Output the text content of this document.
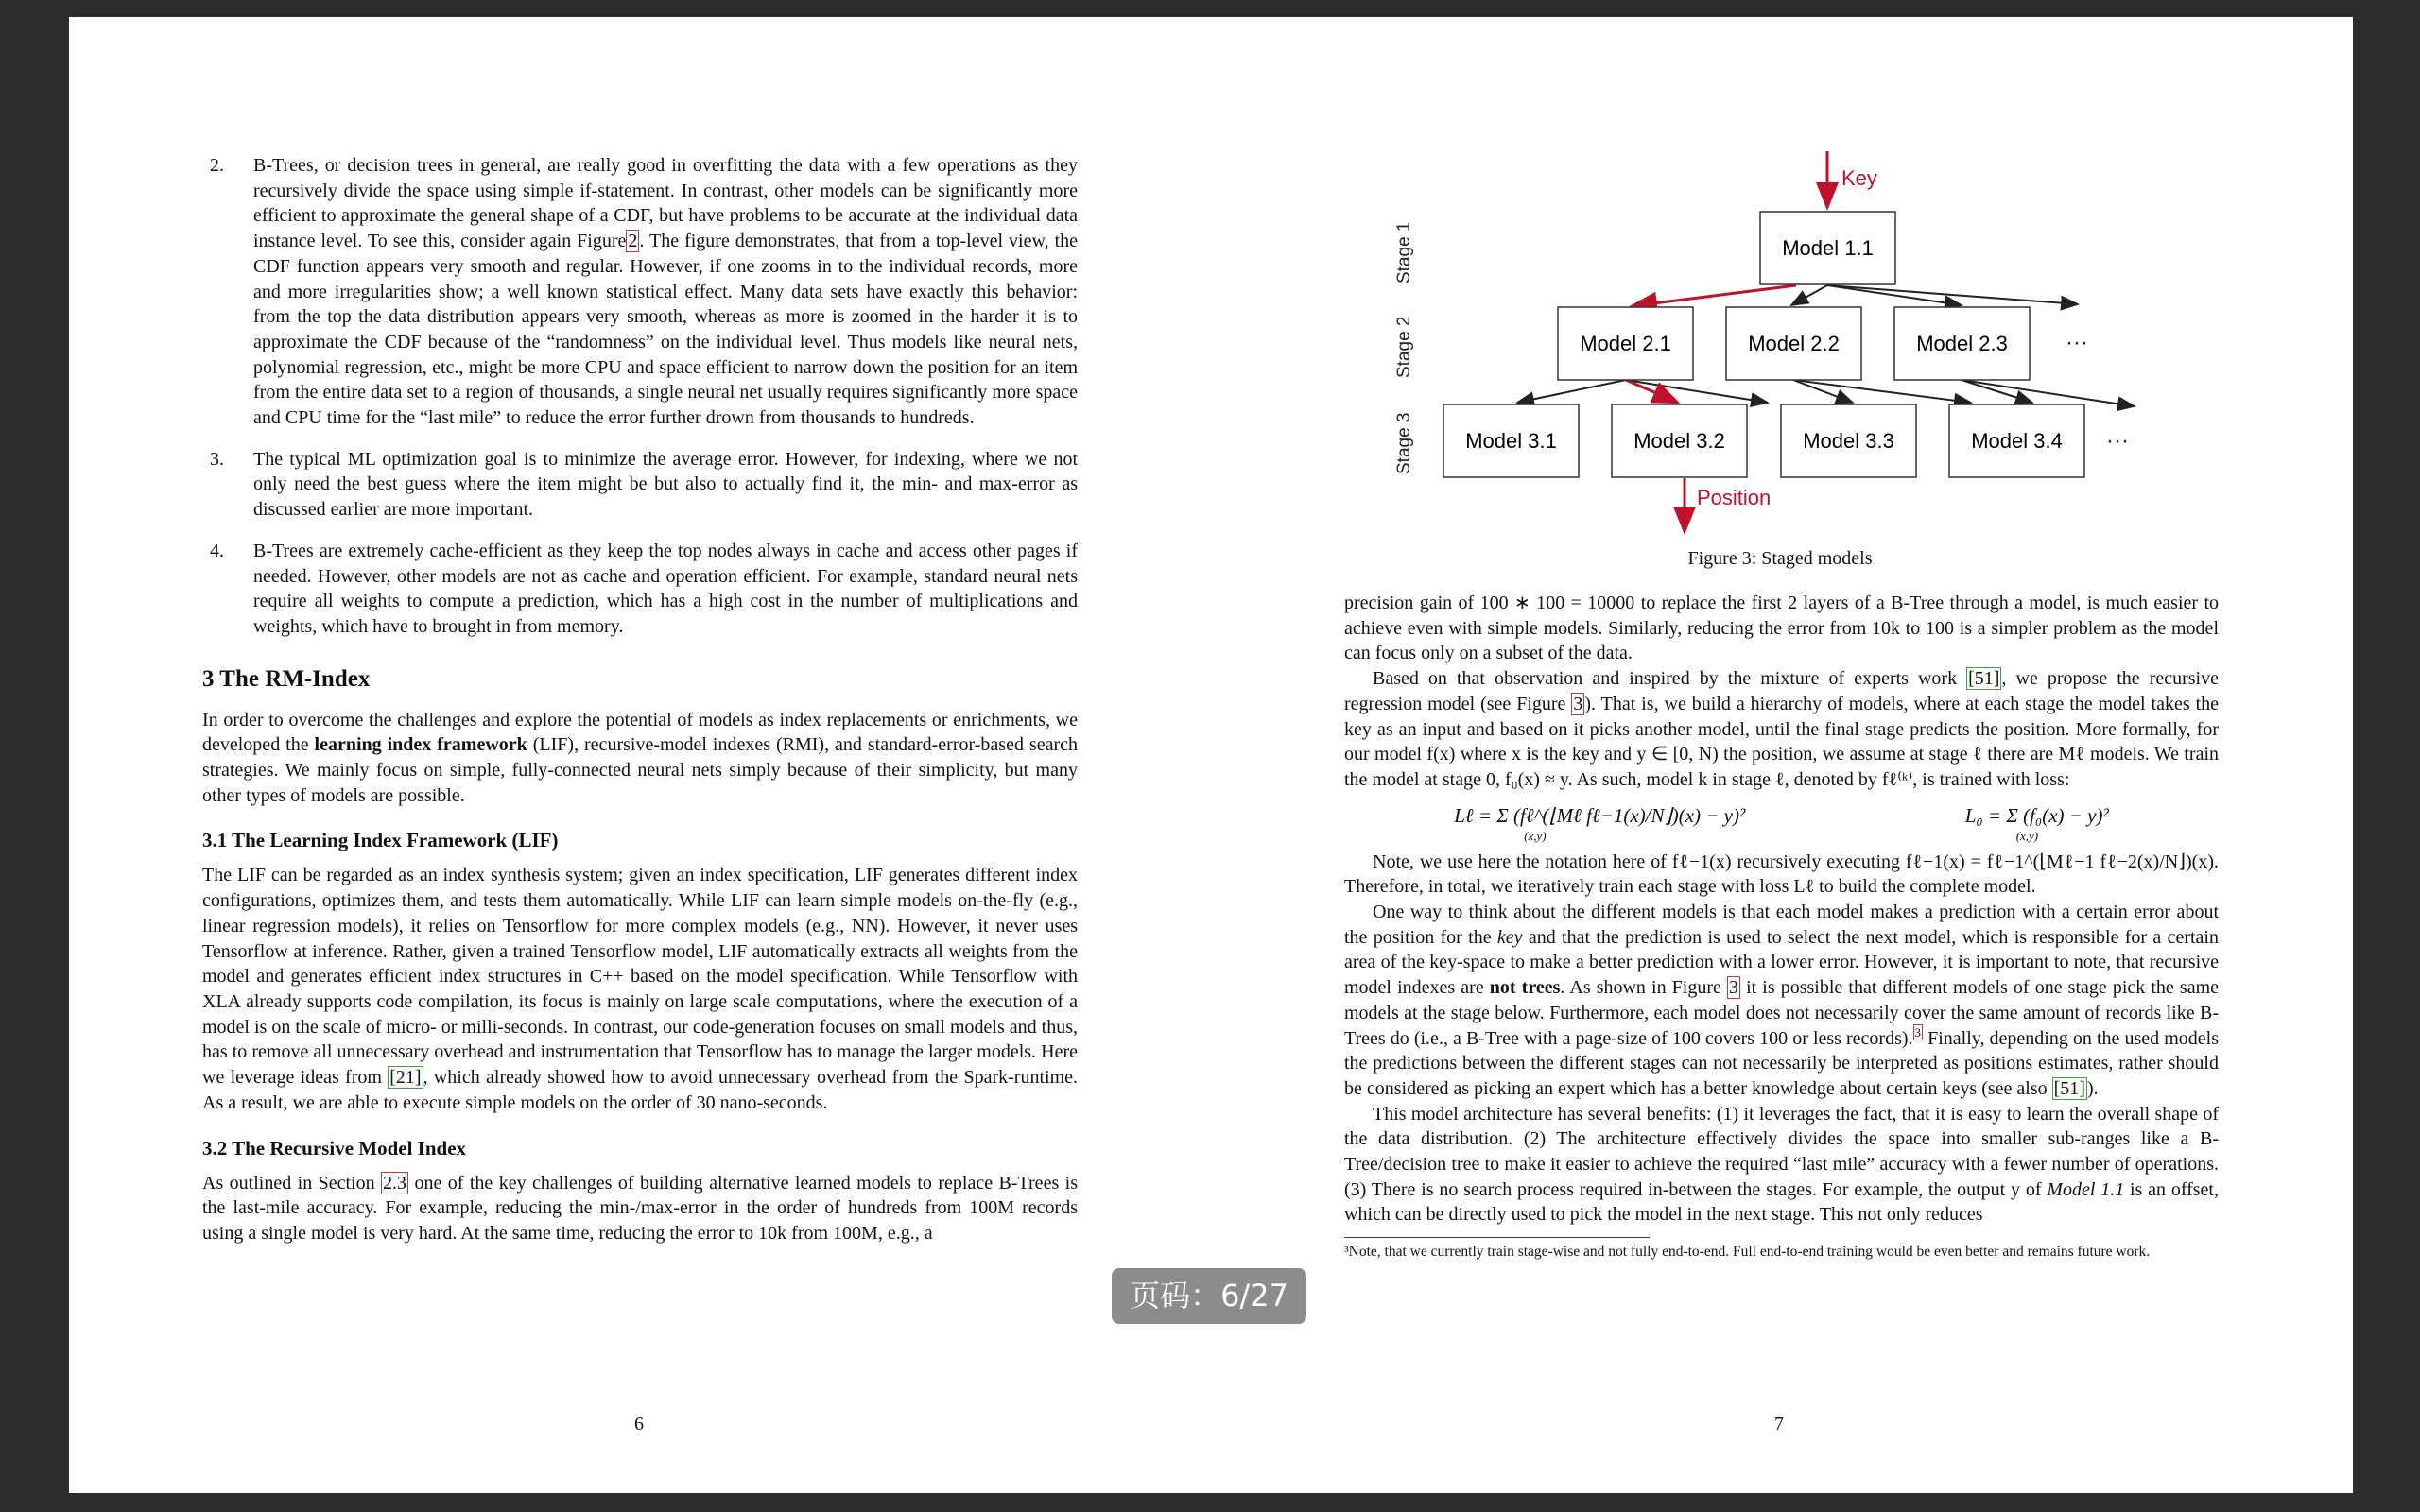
2. B-Trees, or decision trees in general, are really good in overfitting the data with a few operations as they recursively divide the space using simple if-statement. In contrast, other models can be significantly more efficient to approximate the general shape of a CDF, but have problems to be accurate at the individual data instance level. To see this, consider again Figure 2 . The figure demonstrates, that from a top-level view, the CDF function appears very smooth and regular. However, if one zooms in to the individual records, more and more irregularities show; a well known statistical effect. Many data sets have exactly this behavior: from the top the data distribution appears very smooth, whereas as more is zoomed in the harder it is to approximate the CDF because of the “randomness” on the individual level. Thus models like neural nets, polynomial regression, etc., might be more CPU and space efficient to narrow down the position for an item from the entire data set to a region of thousands, a single neural net usually requires significantly more space and CPU time for the “last mile” to reduce the error further drown from thousands to hundreds.
3. The typical ML optimization goal is to minimize the average error. However, for indexing, where we not only need the best guess where the item might be but also to actually find it, the min- and max-error as discussed earlier are more important.
4. B-Trees are extremely cache-efficient as they keep the top nodes always in cache and access other pages if needed. However, other models are not as cache and operation efficient. For example, standard neural nets require all weights to compute a prediction, which has a high cost in the number of multiplications and weights, which have to brought in from memory.
3 The RM-Index
In order to overcome the challenges and explore the potential of models as index replacements or enrichments, we developed the learning index framework (LIF), recursive-model indexes (RMI), and standard-error-based search strategies. We mainly focus on simple, fully-connected neural nets simply because of their simplicity, but many other types of models are possible.
3.1 The Learning Index Framework (LIF)
The LIF can be regarded as an index synthesis system; given an index specification, LIF generates different index configurations, optimizes them, and tests them automatically. While LIF can learn simple models on-the-fly (e.g., linear regression models), it relies on Tensorflow for more complex models (e.g., NN). However, it never uses Tensorflow at inference. Rather, given a trained Tensorflow model, LIF automatically extracts all weights from the model and generates efficient index structures in C++ based on the model specification. While Tensorflow with XLA already supports code compilation, its focus is mainly on large scale computations, where the execution of a model is on the scale of micro- or milli-seconds. In contrast, our code-generation focuses on small models and thus, has to remove all unnecessary overhead and instrumentation that Tensorflow has to manage the larger models. Here we leverage ideas from [21] , which already showed how to avoid unnecessary overhead from the Spark-runtime. As a result, we are able to execute simple models on the order of 30 nano-seconds.
3.2 The Recursive Model Index
As outlined in Section 2.3 one of the key challenges of building alternative learned models to replace B-Trees is the last-mile accuracy. For example, reducing the min-/max-error in the order of hundreds from 100M records using a single model is very hard. At the same time, reducing the error to 10k from 100M, e.g., a
6
Key
Position
Stage 1
Stage 2
Stage 3
Model 1.1
Model 2.1	Model 2.2	Model 2.3
Model 3.1	Model 3.2	Model 3.3	Model 3.4
···
···
Figure 3: Staged models
precision gain of 100 ∗ 100 = 10000 to replace the first 2 layers of a B-Tree through a model, is much easier to achieve even with simple models. Similarly, reducing the error from 10k to 100 is a simpler problem as the model can focus only on a subset of the data.
Based on that observation and inspired by the mixture of experts work [51] , we propose the recursive regression model (see Figure 3 ). That is, we build a hierarchy of models, where at each stage the model takes the key as an input and based on it picks another model, until the final stage predicts the position. More formally, for our model f(x) where x is the key and y ∈ [0, N) the position, we assume at stage ℓ there are Mℓ models. We train the model at stage 0, f₀(x) ≈ y. As such, model k in stage ℓ, denoted by fℓ⁽ᵏ⁾, is trained with loss:
Lℓ = Σ (fℓ^(⌊Mℓ fℓ−1(x)/N⌋)(x) − y)²
(x,y)
L₀ = Σ (f₀(x) − y)²
(x,y)
Note, we use here the notation here of fℓ−1(x) recursively executing fℓ−1(x) = fℓ−1^(⌊Mℓ−1 fℓ−2(x)/N⌋)(x). Therefore, in total, we iteratively train each stage with loss Lℓ to build the complete model.
One way to think about the different models is that each model makes a prediction with a certain error about the position for the key and that the prediction is used to select the next model, which is responsible for a certain area of the key-space to make a better prediction with a lower error. However, it is important to note, that recursive model indexes are not trees. As shown in Figure 3 it is possible that different models of one stage pick the same models at the stage below. Furthermore, each model does not necessarily cover the same amount of records like B-Trees do (i.e., a B-Tree with a page-size of 100 covers 100 or less records). $^3$ Finally, depending on the used models the predictions between the different stages can not necessarily be interpreted as positions estimates, rather should be considered as picking an expert which has a better knowledge about certain keys (see also [51] ).
This model architecture has several benefits: (1) it leverages the fact, that it is easy to learn the overall shape of the data distribution. (2) The architecture effectively divides the space into smaller sub-ranges like a B-Tree/decision tree to make it easier to achieve the required “last mile” accuracy with a fewer number of operations. (3) There is no search process required in-between the stages. For example, the output y of Model 1.1 is an offset, which can be directly used to pick the model in the next stage. This not only reduces
³Note, that we currently train stage-wise and not fully end-to-end. Full end-to-end training would be even better and remains future work.
7
页码：6/27
